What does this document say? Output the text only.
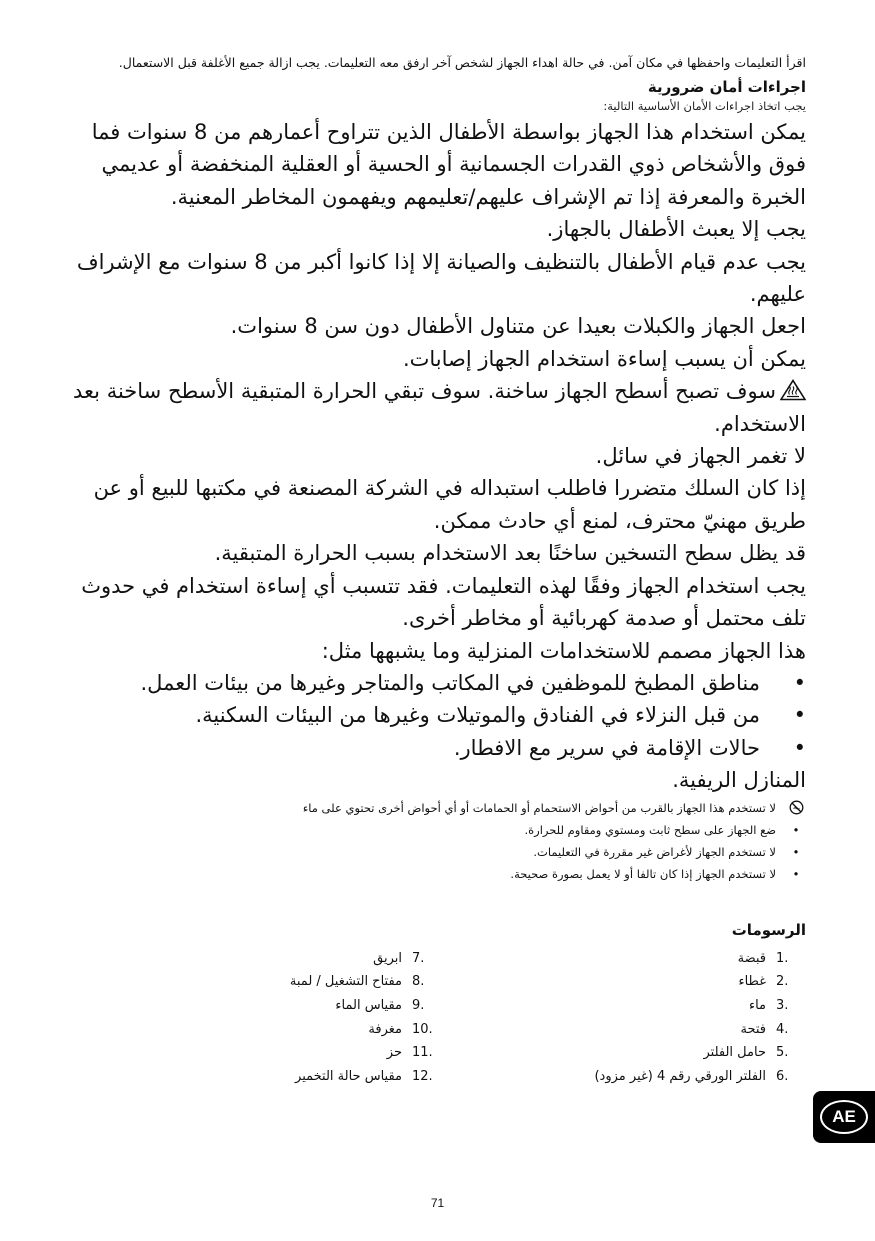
اقرأ التعليمات واحفظها في مكان آمن. في حالة اهداء الجهاز لشخص آخر ارفق معه التعليمات. يجب ازالة جميع الأغلفة قبل الاستعمال.

اجراءات أمان ضرورية

يجب اتخاذ اجراءات الأمان الأساسية التالية:

يمكن استخدام هذا الجهاز بواسطة الأطفال الذين تتراوح أعمارهم من 8 سنوات فما فوق والأشخاص ذوي القدرات الجسمانية أو الحسية أو العقلية المنخفضة أو عديمي الخبرة والمعرفة إذا تم الإشراف عليهم/تعليمهم ويفهمون المخاطر المعنية.

يجب إلا يعبث الأطفال بالجهاز.

يجب عدم قيام الأطفال بالتنظيف والصيانة إلا إذا كانوا أكبر من 8 سنوات مع الإشراف عليهم.

اجعل الجهاز والكبلات بعيدا عن متناول الأطفال دون سن 8 سنوات.

يمكن أن يسبب إساءة استخدام الجهاز إصابات.

سوف تصبح أسطح الجهاز ساخنة. سوف تبقي الحرارة المتبقية الأسطح ساخنة بعد الاستخدام.

لا تغمر الجهاز في سائل.

إذا كان السلك متضررا فاطلب استبداله في الشركة المصنعة في مكتبها للبيع أو عن طريق مهنيّ محترف، لمنع أي حادث ممكن.

قد يظل سطح التسخين ساخنًا بعد الاستخدام بسبب الحرارة المتبقية.

يجب استخدام الجهاز وفقًا لهذه التعليمات. فقد تتسبب أي إساءة استخدام في حدوث تلف محتمل أو صدمة كهربائية أو مخاطر أخرى.

هذا الجهاز مصمم للاستخدامات المنزلية وما يشبهها مثل:

•
مناطق المطبخ للموظفين في المكاتب والمتاجر وغيرها من بيئات العمل.
•
من قبل النزلاء في الفنادق والموتيلات وغيرها من البيئات السكنية.
•
حالات الإقامة في سرير مع الافطار.

المنازل الريفية.

لا تستخدم هذا الجهاز بالقرب من أحواض الاستحمام أو الحمامات أو أي أحواض أخرى تحتوي على ماء
•
ضع الجهاز على سطح ثابت ومستوي ومقاوم للحرارة.
•
لا تستخدم الجهاز لأغراض غير مقررة في التعليمات.
•
لا تستخدم الجهاز إذا كان تالفا أو لا يعمل بصورة صحيحة.

الرسومات

1.
قبضة
2.
غطاء
3.
ماء
4.
فتحة
5.
حامل الفلتر
6.
الفلتر الورقي رقم 4 (غير مزود)
7.
ابريق
8.
مفتاح التشغيل / لمبة
9.
مقياس الماء
10.
مغرفة
11.
حز
12.
مقياس حالة التخمير
AE
71
